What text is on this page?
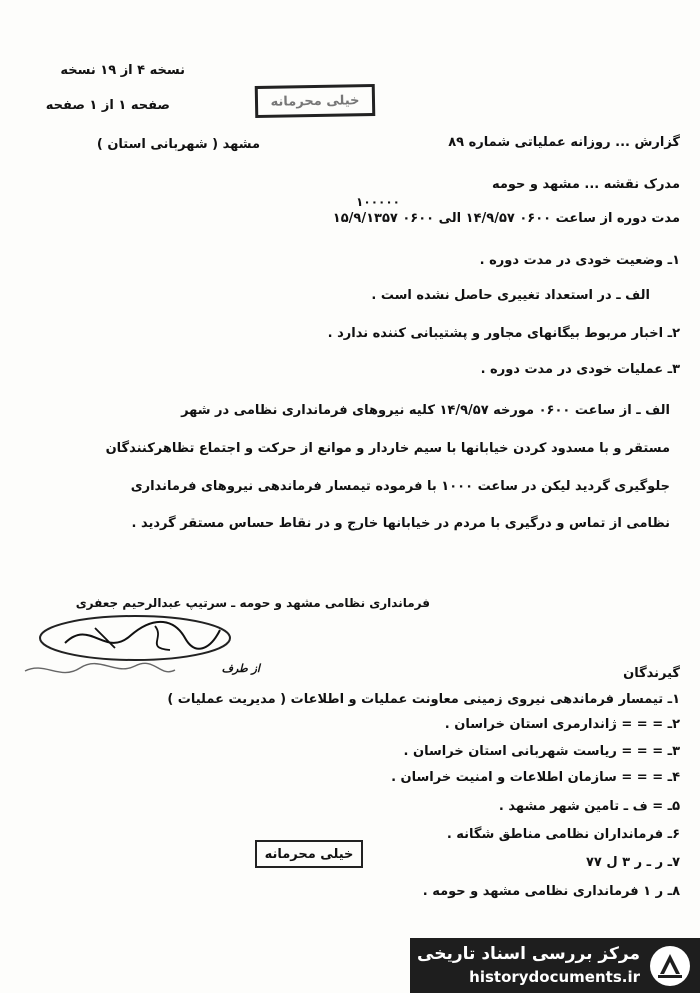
نسخه ۴ از ۱۹ نسخه
صفحه ۱ از ۱ صفحه	خیلی محرمانه
گزارش ... روزانه عملیاتی شماره ۸۹
مشهد ( شهربانی استان )
مدرک نقشه ... مشهد و حومه
۱۰۰۰۰۰
مدت دوره از ساعت ۰۶۰۰ ۱۴/۹/۵۷ الی ۰۶۰۰ ۱۵/۹/۱۳۵۷
۱ـ وضعیت خودی در مدت دوره .
الف ـ در استعداد تغییری حاصل نشده است .
۲ـ اخبار مربوط بیگانهای مجاور و پشتیبانی کننده ندارد .
۳ـ عملیات خودی در مدت دوره .
الف ـ از ساعت ۰۶۰۰ مورخه ۱۴/۹/۵۷ کلیه نیروهای فرمانداری نظامی در شهر
مستقر و با مسدود کردن خیابانها با سیم خاردار و موانع از حرکت و اجتماع تظاهرکنندگان
جلوگیری گردید لیکن در ساعت ۱۰۰۰ با فرموده تیمسار فرماندهی نیروهای فرمانداری
نظامی از تماس و درگیری با مردم در خیابانها خارج و در نقاط حساس مستقر گردید .
فرمانداری نظامی مشهد و حومه ـ سرتیپ عبدالرحیم جعفری
از طرف	گیرندگان
۱ـ تیمسار فرماندهی نیروی زمینی معاونت عملیات و اطلاعات ( مدیریت عملیات )
۲ـ = = = ژاندارمری استان خراسان .
۳ـ = = = ریاست شهربانی استان خراسان .
۴ـ = = = سازمان اطلاعات و امنیت خراسان .
۵ـ = ف ـ تامین شهر مشهد .
۶ـ فرمانداران نظامی مناطق شگانه .
۷ـ ر ـ ر ۳ ل ۷۷
۸ـ ر ۱ فرمانداری نظامی مشهد و حومه .
خیلی محرمانه
مرکز بررسی اسناد تاریخی
historydocuments.ir
